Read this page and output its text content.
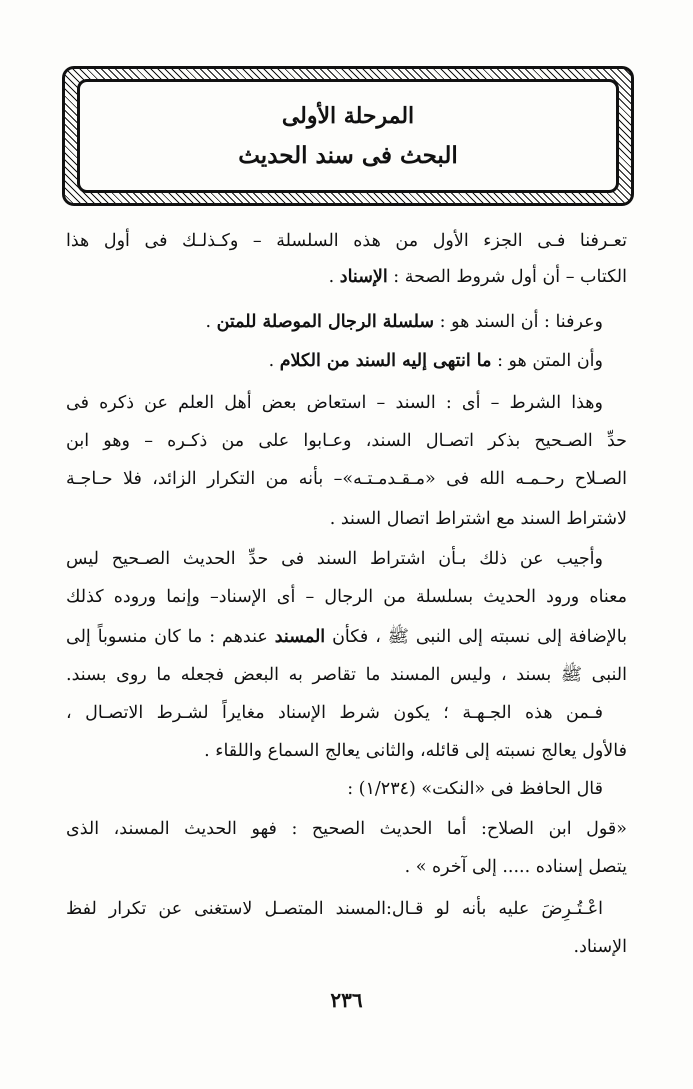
المرحلة الأولى
البحث فى سند الحديث
تعـرفنا فـى الجزء الأول من هذه السلسلة – وكـذلـك فى أول هذا
الكتاب – أن أول شروط الصحة : الإسناد .
وعرفنا : أن السند هو : سلسلة الرجال الموصلة للمتن .
وأن المتن هو : ما انتهى إليه السند من الكلام .
وهذا الشرط – أى : السند – استعاض بعض أهل العلم عن ذكره فى
حدِّ الصـحيح بذكر اتصـال السند، وعـابوا على من ذكـره – وهو ابن
الصـلاح رحـمـه الله فى «مـقـدمـتـه»– بأنه من التكرار الزائد، فلا حـاجـة
لاشتراط السند مع اشتراط اتصال السند .
وأجيب عن ذلك بـأن اشتراط السند فى حدِّ الحديث الصـحيح ليس
معناه ورود الحديث بسلسلة من الرجال – أى الإسناد– وإنما وروده كذلك
بالإضافة إلى نسبته إلى النبى ﷺ ، فكأن المسند عندهم : ما كان منسوباً إلى
النبى ﷺ بسند ، وليس المسند ما تقاصر به البعض فجعله ما روى بسند.
فـمن هذه الجـهـة ؛ يكون شرط الإسناد مغايراً لشـرط الاتصـال ،
فالأول يعالج نسبته إلى قائله، والثانى يعالج السماع واللقاء .
قال الحافظ فى «النكت» (١/٢٣٤) :
«قول ابن الصلاح: أما الحديث الصحيح : فهو الحديث المسند، الذى
يتصل إسناده ..... إلى آخره » .
اعْـتُـرِضَ عليه بأنه لو قـال:المسند المتصـل لاستغنى عن تكرار لفظ
الإسناد.
٢٣٦
